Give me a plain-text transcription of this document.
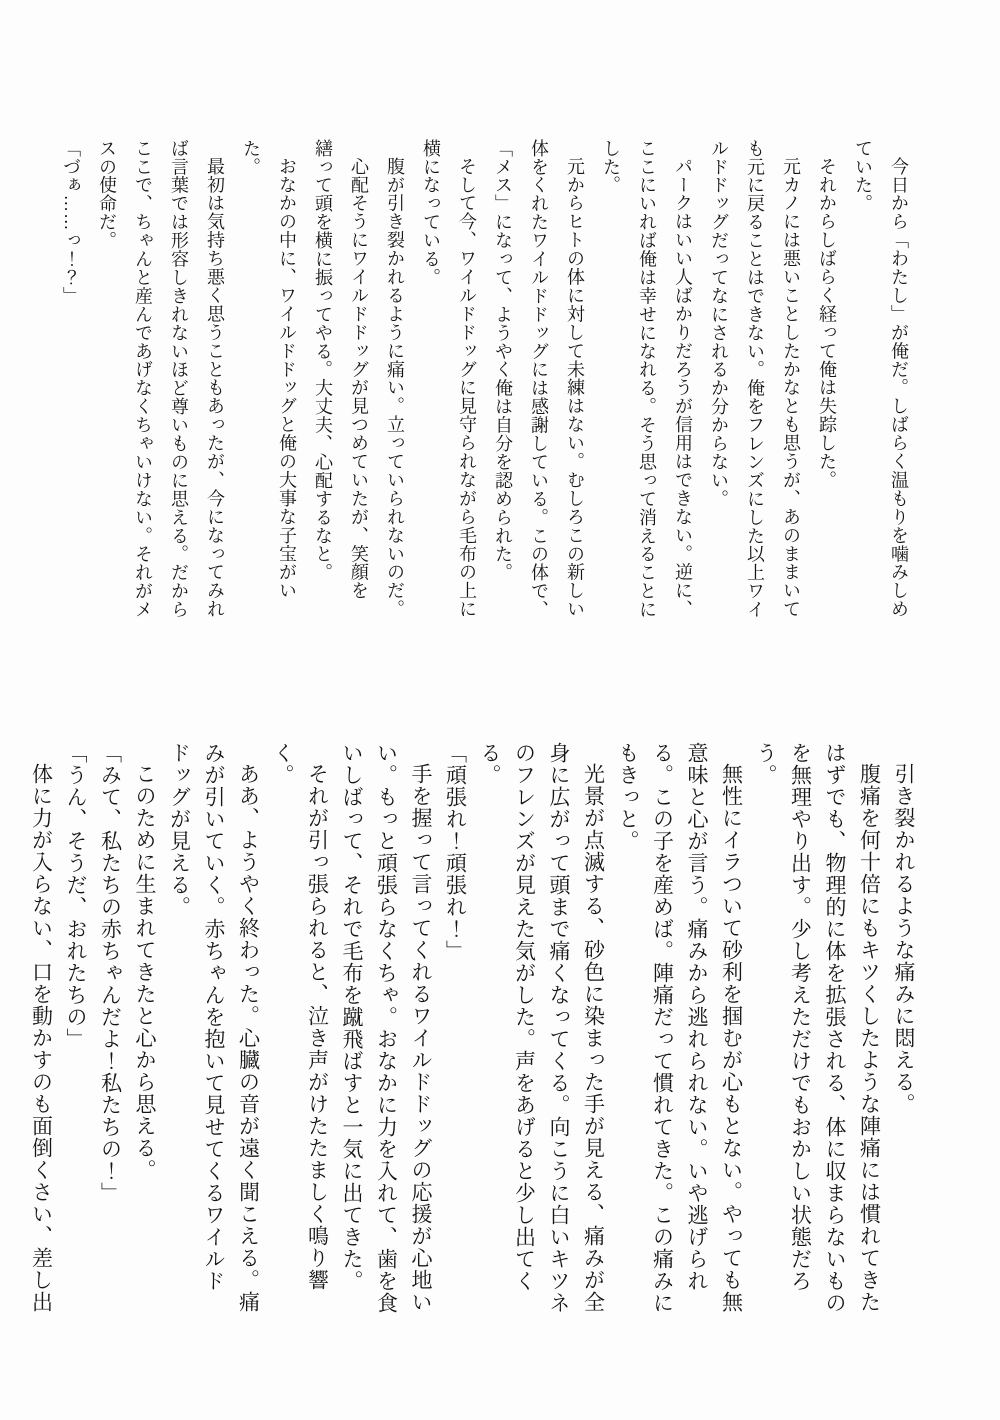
今日から「わたし」が俺だ。しばらく温もりを噛みしめていた。

それからしばらく経って俺は失踪した。

元カノには悪いことしたかなとも思うが、あのままいても元に戻ることはできない。俺をフレンズにした以上ワイルドドッグだってなにされるか分からない。

パークはいい人ばかりだろうが信用はできない。逆に、ここにいれば俺は幸せになれる。そう思って消えることにした。

元からヒトの体に対して未練はない。むしろこの新しい体をくれたワイルドドッグには感謝している。この体で、「メス」になって、ようやく俺は自分を認められた。

そして今、ワイルドドッグに見守られながら毛布の上に横になっている。

腹が引き裂かれるように痛い。立っていられないのだ。

心配そうにワイルドドッグが見つめていたが、笑顔を繕って頭を横に振ってやる。大丈夫、心配するなと。

おなかの中に、ワイルドドッグと俺の大事な子宝がいた。

最初は気持ち悪く思うこともあったが、今になってみれば言葉では形容しきれないほど尊いものに思える。だからここで、ちゃんと産んであげなくちゃいけない。それがメスの使命だ。

「づぁ……っ！？」

引き裂かれるような痛みに悶える。

腹痛を何十倍にもキツくしたような陣痛には慣れてきたはずでも、物理的に体を拡張される、体に収まらないものを無理やり出す。少し考えただけでもおかしい状態だろう。

無性にイラついて砂利を掴むが心もとない。やっても無意味と心が言う。痛みから逃れられない。いや逃げられる。この子を産めば。陣痛だって慣れてきた。この痛みにもきっと。

光景が点滅する、砂色に染まった手が見える、痛みが全身に広がって頭まで痛くなってくる。向こうに白いキツネのフレンズが見えた気がした。声をあげると少し出てくる。

「頑張れ！頑張れ！」

手を握って言ってくれるワイルドドッグの応援が心地いい。もっと頑張らなくちゃ。おなかに力を入れて、歯を食いしばって、それで毛布を蹴飛ばすと一気に出てきた。

それが引っ張られると、泣き声がけたたましく鳴り響く。

ああ、ようやく終わった。心臓の音が遠く聞こえる。痛みが引いていく。赤ちゃんを抱いて見せてくるワイルドドッグが見える。

このために生まれてきたと心から思える。

「みて、私たちの赤ちゃんだよ！私たちの！」

「うん、そうだ、おれたちの」

体に力が入らない、口を動かすのも面倒くさい、差し出
